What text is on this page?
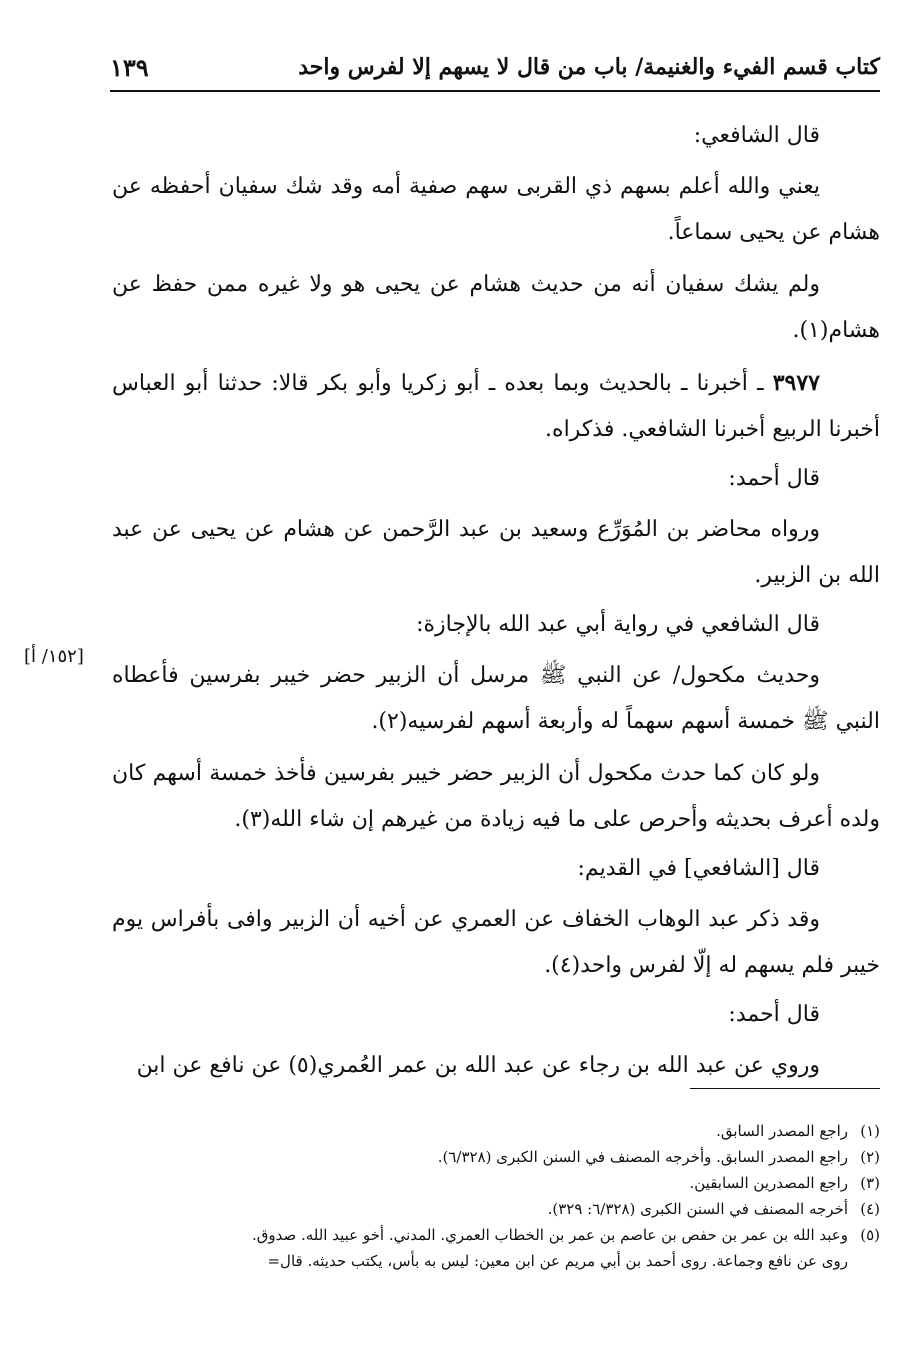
كتاب قسم الفيء والغنيمة/ باب من قال لا يسهم إلا لفرس واحد
١٣٩

قال الشافعي:

يعني والله أعلم بسهم ذي القربى سهم صفية أمه وقد شك سفيان أحفظه عن هشام عن يحيى سماعاً.

ولم يشك سفيان أنه من حديث هشام عن يحيى هو ولا غيره ممن حفظ عن هشام(١).

٣٩٧٧ ـ أخبرنا ـ بالحديث وبما بعده ـ أبو زكريا وأبو بكر قالا: حدثنا أبو العباس أخبرنا الربيع أخبرنا الشافعي. فذكراه.

قال أحمد:

ورواه محاضر بن المُوَرِّع وسعيد بن عبد الرَّحمن عن هشام عن يحيى عن عبد الله بن الزبير.

قال الشافعي في رواية أبي عبد الله بالإجازة:

وحديث مكحول/ عن النبي ﷺ مرسل أن الزبير حضر خيبر بفرسين فأعطاه النبي ﷺ خمسة أسهم سهماً له وأربعة أسهم لفرسيه(٢).

ولو كان كما حدث مكحول أن الزبير حضر خيبر بفرسين فأخذ خمسة أسهم كان ولده أعرف بحديثه وأحرص على ما فيه زيادة من غيرهم إن شاء الله(٣).

قال [الشافعي] في القديم:

وقد ذكر عبد الوهاب الخفاف عن العمري عن أخيه أن الزبير وافى بأفراس يوم خيبر فلم يسهم له إلّا لفرس واحد(٤).

قال أحمد:

وروي عن عبد الله بن رجاء عن عبد الله بن عمر العُمري(٥) عن نافع عن ابن

[١٥٢/ أ]

(١)راجع المصدر السابق.

(٢)راجع المصدر السابق. وأخرجه المصنف في السنن الكبرى (٦/٣٢٨).

(٣)راجع المصدرين السابقين.

(٤)أخرجه المصنف في السنن الكبرى (٦/٣٢٨: ٣٢٩).

(٥)وعبد الله بن عمر بن حفص بن عاصم بن عمر بن الخطاب العمري. المدني. أخو عبيد الله. صدوق.

روى عن نافع وجماعة. روى أحمد بن أبي مريم عن ابن معين: ليس به بأس، يكتب حديثه. قال=
